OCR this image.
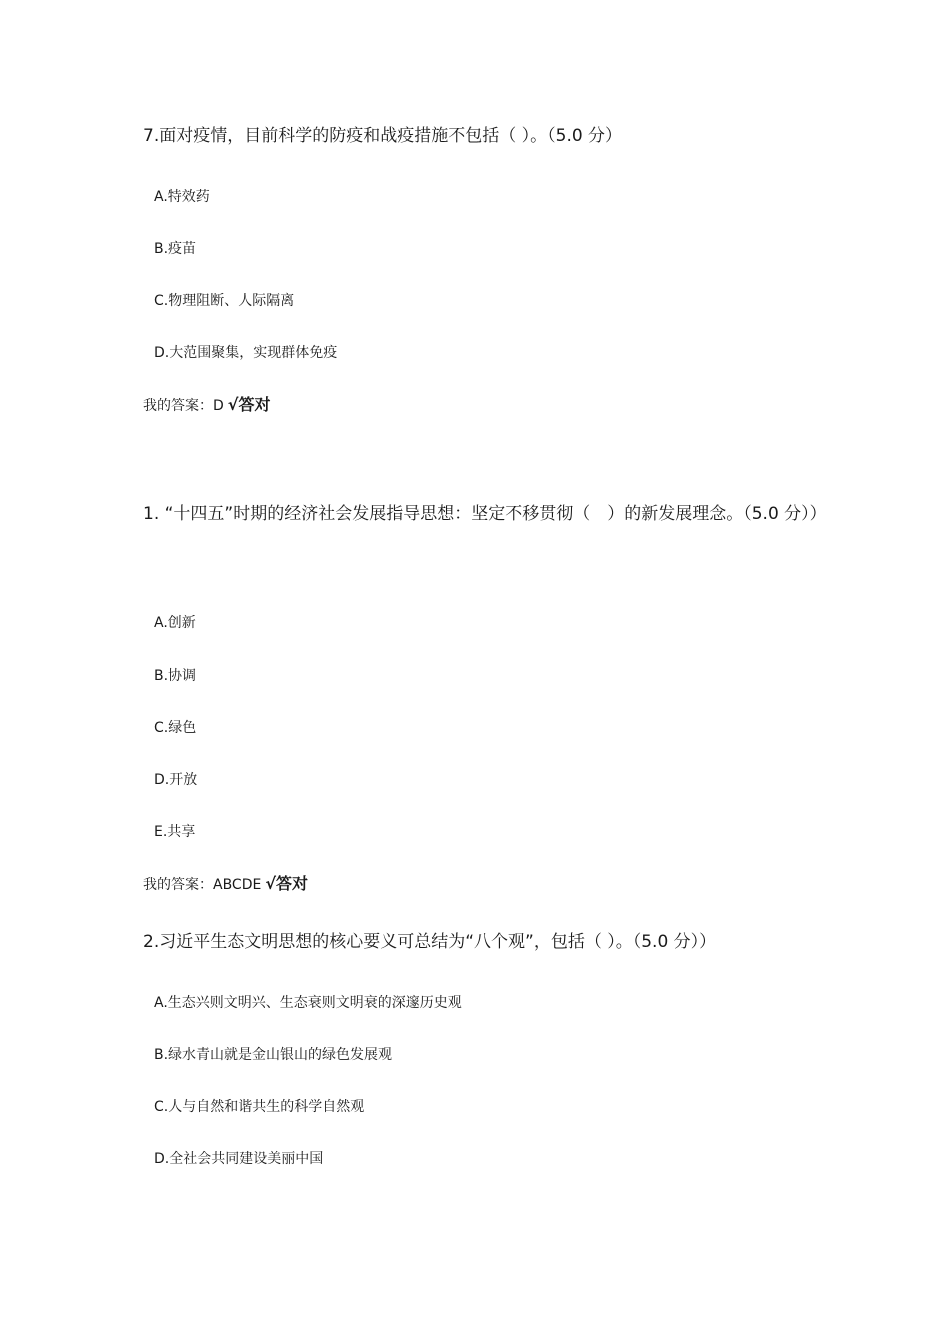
7.面对疫情，目前科学的防疫和战疫措施不包括（ ）。（5.0 分）
A.特效药
B.疫苗
C.物理阻断、人际隔离
D.大范围聚集，实现群体免疫
我的答案：D √答对
1. “十四五”时期的经济社会发展指导思想：坚定不移贯彻（　）的新发展理念。（5.0 分））
A.创新
B.协调
C.绿色
D.开放
E.共享
我的答案：ABCDE √答对
2.习近平生态文明思想的核心要义可总结为“八个观”，包括（ ）。（5.0 分））
A.生态兴则文明兴、生态衰则文明衰的深邃历史观
B.绿水青山就是金山银山的绿色发展观
C.人与自然和谐共生的科学自然观
D.全社会共同建设美丽中国
